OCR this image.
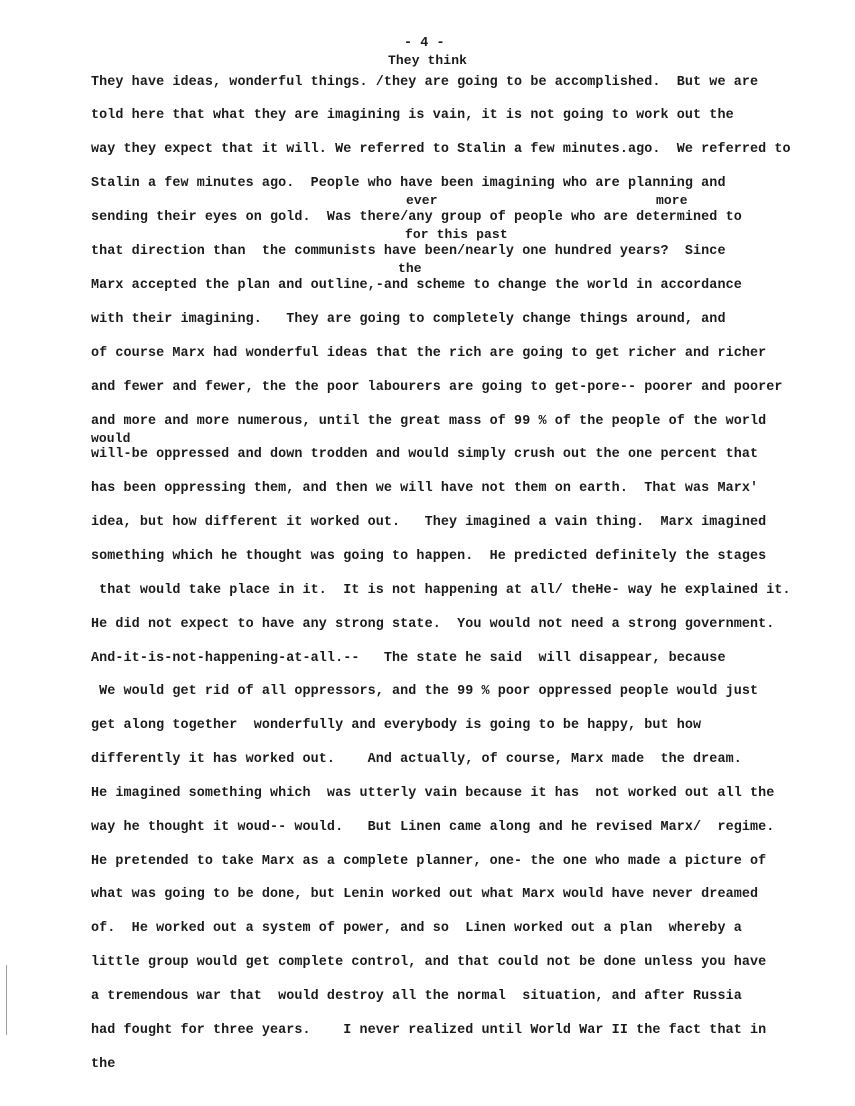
- 4 -
They think
They have ideas, wonderful things. /they are going to be accomplished.  But we are
told here that what they are imagining is vain, it is not going to work out the
way they expect that it will. We referred to Stalin a few minutes.ago.  We referred to
Stalin a few minutes ago.  People who have been imagining who are planning and
ever	more
sending their eyes on gold.  Was there/any group of people who are determined to
for this past
that direction than  the communists have been/nearly one hundred years?  Since
the
Marx accepted the plan and outline,-and scheme to change the world in accordance
with their imagining.   They are going to completely change things around, and
of course Marx had wonderful ideas that the rich are going to get richer and richer
and fewer and fewer, the the poor labourers are going to get-pore-- poorer and poorer
and more and more numerous, until the great mass of 99 % of the people of the world
would
will-be oppressed and down trodden and would simply crush out the one percent that
has been oppressing them, and then we will have not them on earth.  That was Marx'
idea, but how different it worked out.   They imagined a vain thing.  Marx imagined
something which he thought was going to happen.  He predicted definitely the stages
that would take place in it.  It is not happening at all/ theHe- way he explained it.
He did not expect to have any strong state.  You would not need a strong government.
And-it-is-not-happening-at-all.--   The state he said  will disappear, because
We would get rid of all oppressors, and the 99 % poor oppressed people would just
get along together  wonderfully and everybody is going to be happy, but how
differently it has worked out.    And actually, of course, Marx made  the dream.
He imagined something which  was utterly vain because it has  not worked out all the
way he thought it woud-- would.   But Linen came along and he revised Marx/  regime.
He pretended to take Marx as a complete planner, one- the one who made a picture of
what was going to be done, but Lenin worked out what Marx would have never dreamed
of.  He worked out a system of power, and so  Linen worked out a plan  whereby a
little group would get complete control, and that could not be done unless you have
a tremendous war that  would destroy all the normal  situation, and after Russia
had fought for three years.    I never realized until World War II the fact that in
the
